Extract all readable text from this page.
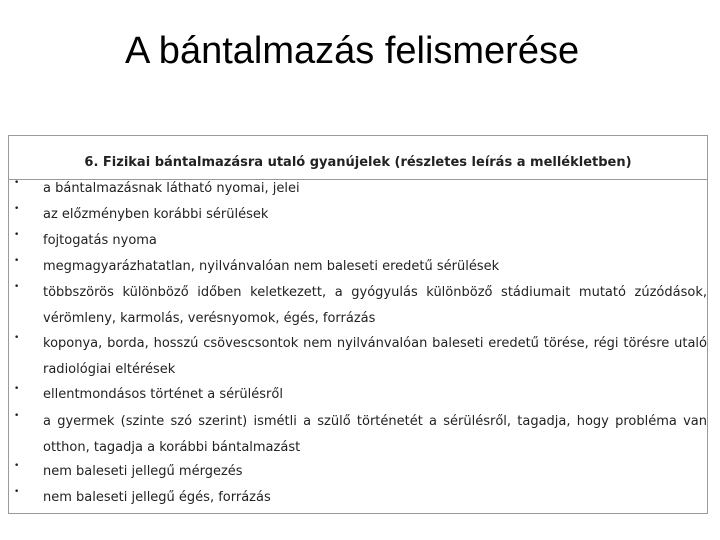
A bántalmazás felismerése
6. Fizikai bántalmazásra utaló gyanújelek (részletes leírás a mellékletben)
• a bántalmazásnak látható nyomai, jelei
• az előzményben korábbi sérülések
• fojtogatás nyoma
• megmagyarázhatatlan, nyilvánvalóan nem baleseti eredetű sérülések
• többszörös különböző időben keletkezett, a gyógyulás különböző stádiumait mutató zúzódások, vérömleny, karmolás, verésnyomok, égés, forrázás
• koponya, borda, hosszú csövescsontok nem nyilvánvalóan baleseti eredetű törése, régi törésre utaló radiológiai eltérések
• ellentmondásos történet a sérülésről
• a gyermek (szinte szó szerint) ismétli a szülő történetét a sérülésről, tagadja, hogy probléma van otthon, tagadja a korábbi bántalmazást
• nem baleseti jellegű mérgezés
• nem baleseti jellegű égés, forrázás
